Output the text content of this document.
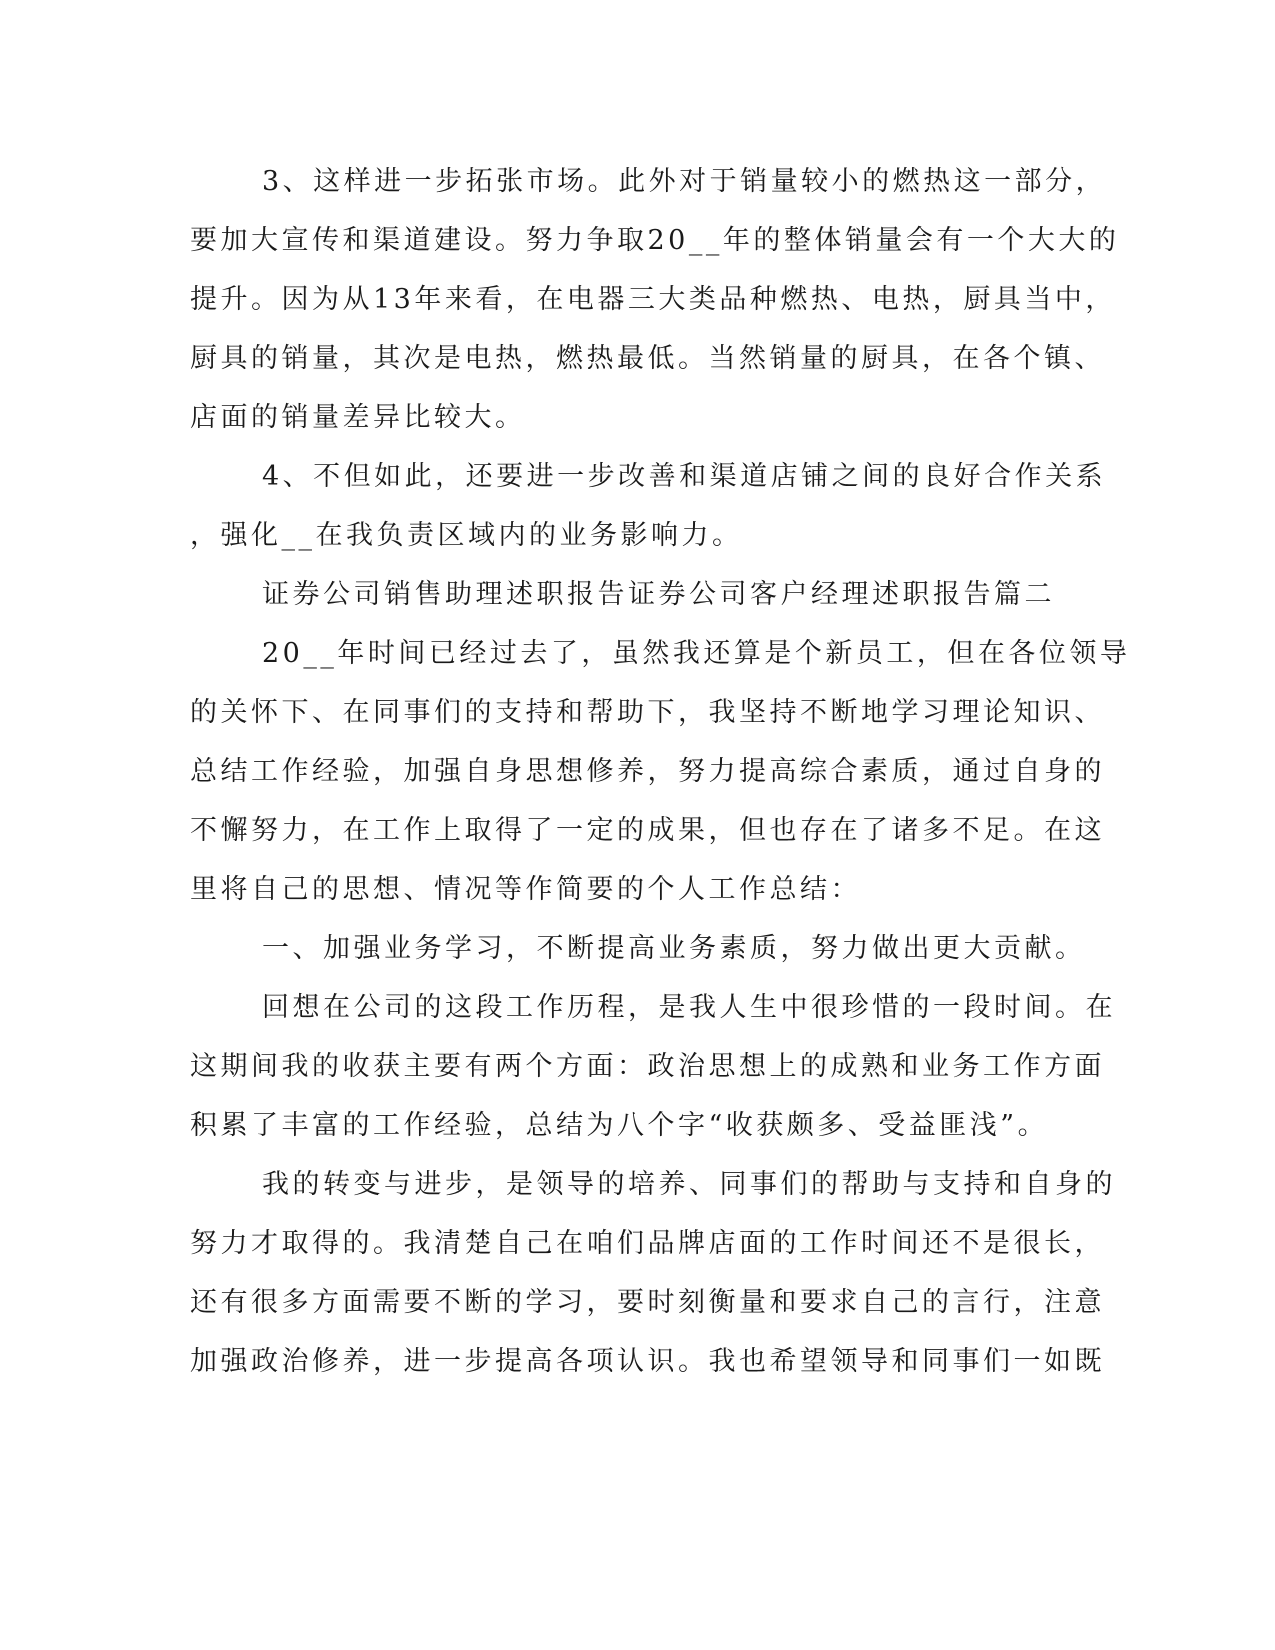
3、这样进一步拓张市场。此外对于销量较小的燃热这一部分，
要加大宣传和渠道建设。努力争取20__年的整体销量会有一个大大的
提升。因为从13年来看，在电器三大类品种燃热、电热，厨具当中，
厨具的销量，其次是电热，燃热最低。当然销量的厨具，在各个镇、
店面的销量差异比较大。
4、不但如此，还要进一步改善和渠道店铺之间的良好合作关系
，强化__在我负责区域内的业务影响力。
证券公司销售助理述职报告证券公司客户经理述职报告篇二
20__年时间已经过去了，虽然我还算是个新员工，但在各位领导
的关怀下、在同事们的支持和帮助下，我坚持不断地学习理论知识、
总结工作经验，加强自身思想修养，努力提高综合素质，通过自身的
不懈努力，在工作上取得了一定的成果，但也存在了诸多不足。在这
里将自己的思想、情况等作简要的个人工作总结：
一、加强业务学习，不断提高业务素质，努力做出更大贡献。
回想在公司的这段工作历程，是我人生中很珍惜的一段时间。在
这期间我的收获主要有两个方面：政治思想上的成熟和业务工作方面
积累了丰富的工作经验，总结为八个字“收获颇多、受益匪浅”。
我的转变与进步，是领导的培养、同事们的帮助与支持和自身的
努力才取得的。我清楚自己在咱们品牌店面的工作时间还不是很长，
还有很多方面需要不断的学习，要时刻衡量和要求自己的言行，注意
加强政治修养，进一步提高各项认识。我也希望领导和同事们一如既
